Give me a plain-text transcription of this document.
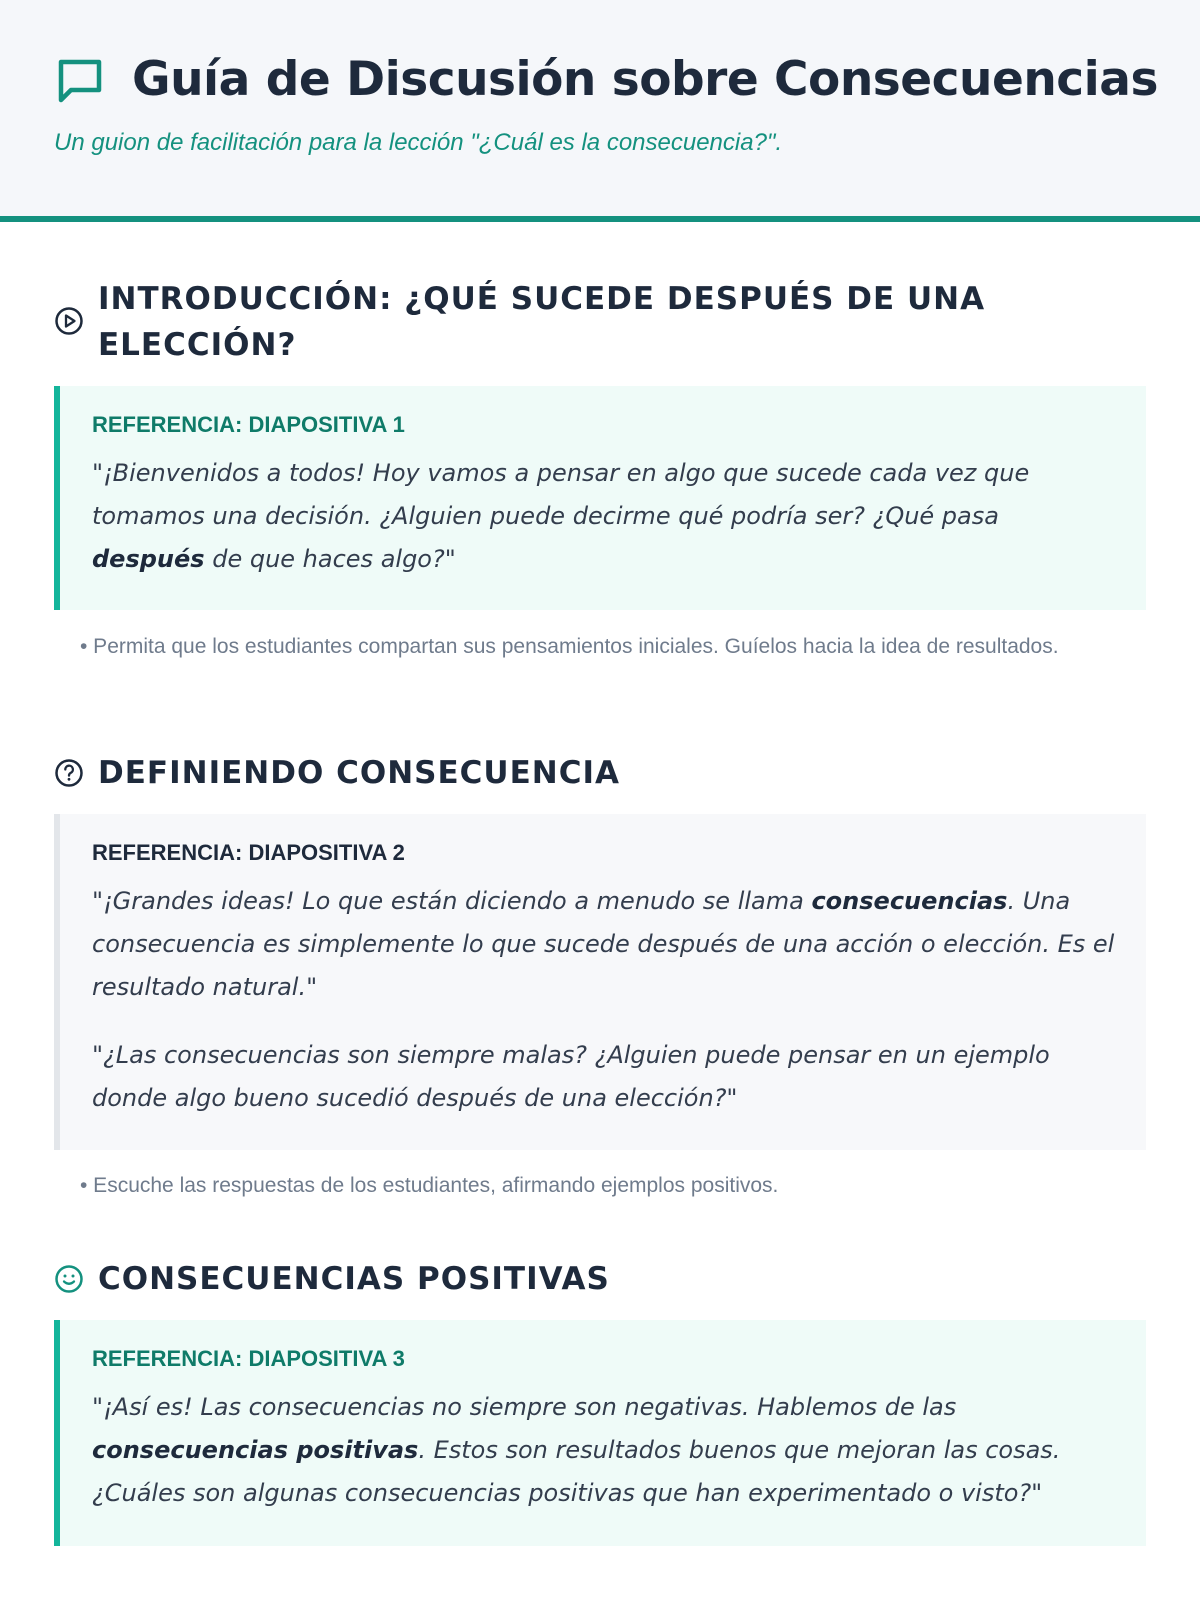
Guía de Discusión sobre Consecuencias
Un guion de facilitación para la lección "¿Cuál es la consecuencia?".
INTRODUCCIÓN: ¿QUÉ SUCEDE DESPUÉS DE UNA ELECCIÓN?
REFERENCIA: DIAPOSITIVA 1

"¡Bienvenidos a todos! Hoy vamos a pensar en algo que sucede cada vez que tomamos una decisión. ¿Alguien puede decirme qué podría ser? ¿Qué pasa después de que haces algo?"

• Permita que los estudiantes compartan sus pensamientos iniciales. Guíelos hacia la idea de resultados.
DEFINIENDO CONSECUENCIA
REFERENCIA: DIAPOSITIVA 2

"¡Grandes ideas! Lo que están diciendo a menudo se llama consecuencias. Una consecuencia es simplemente lo que sucede después de una acción o elección. Es el resultado natural."

"¿Las consecuencias son siempre malas? ¿Alguien puede pensar en un ejemplo donde algo bueno sucedió después de una elección?"

• Escuche las respuestas de los estudiantes, afirmando ejemplos positivos.
CONSECUENCIAS POSITIVAS
REFERENCIA: DIAPOSITIVA 3

"¡Así es! Las consecuencias no siempre son negativas. Hablemos de las consecuencias positivas. Estos son resultados buenos que mejoran las cosas. ¿Cuáles son algunas consecuencias positivas que han experimentado o visto?"
